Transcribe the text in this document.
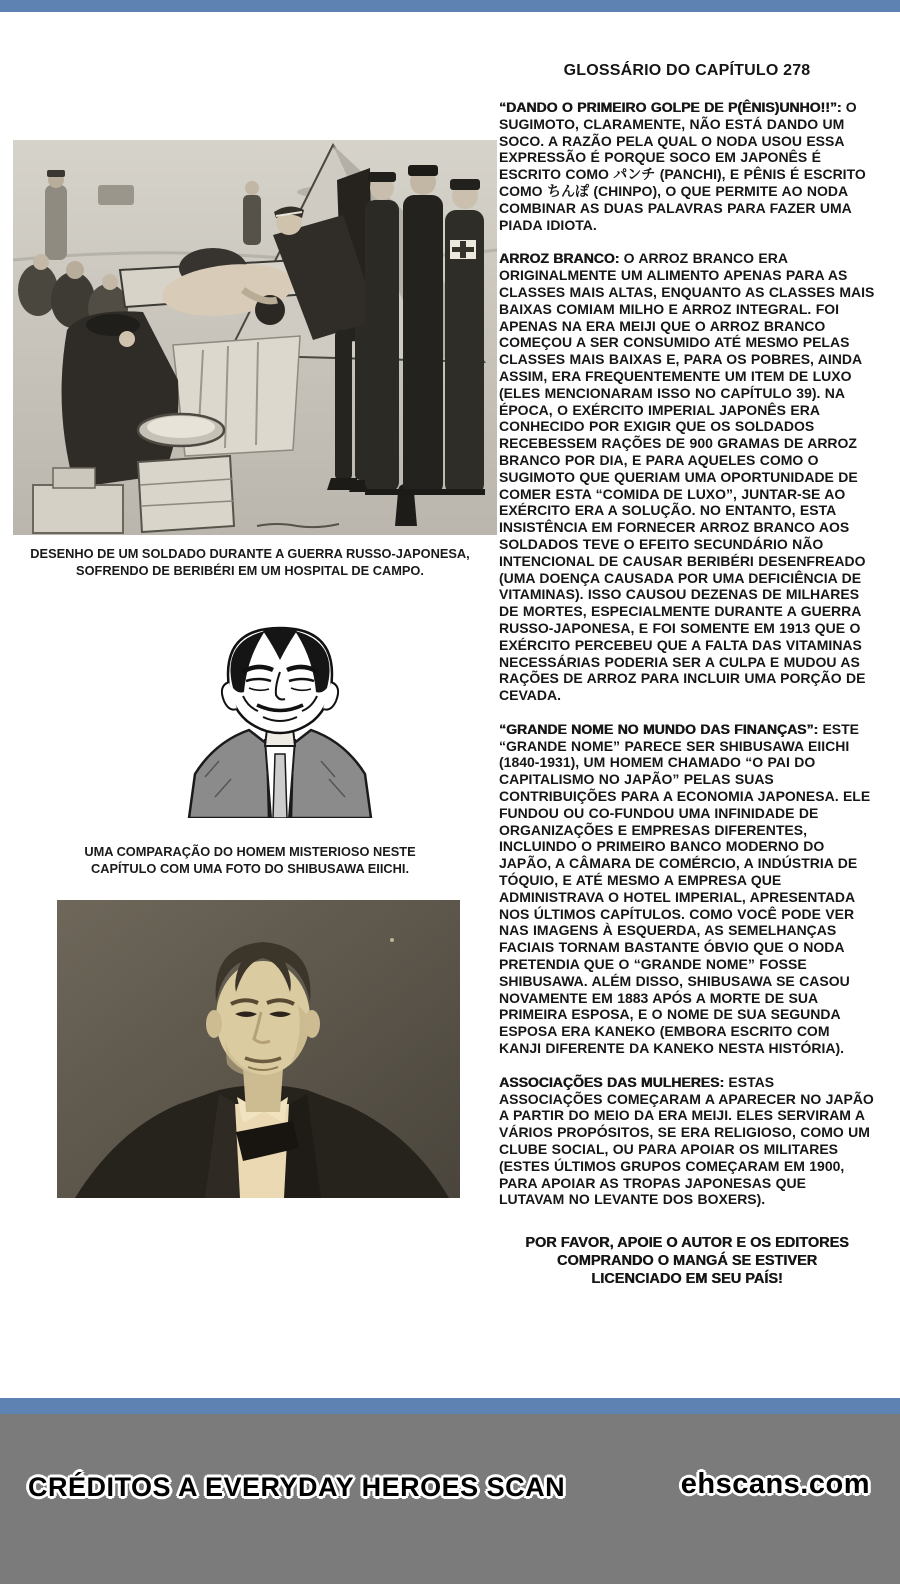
DESENHO DE UM SOLDADO DURANTE A GUERRA RUSSO-JAPONESA, SOFRENDO DE BERIBÉRI EM UM HOSPITAL DE CAMPO.
UMA COMPARAÇÃO DO HOMEM MISTERIOSO NESTE CAPÍTULO COM UMA FOTO DO SHIBUSAWA EIICHI.
GLOSSÁRIO DO CAPÍTULO 278

“DANDO O PRIMEIRO GOLPE DE P(ÊNIS)UNHO!!”: O SUGIMOTO, CLARAMENTE, NÃO ESTÁ DANDO UM SOCO. A RAZÃO PELA QUAL O NODA USOU ESSA EXPRESSÃO É PORQUE SOCO EM JAPONÊS É ESCRITO COMO パンチ (PANCHI), E PÊNIS É ESCRITO COMO ちんぽ (CHINPO), O QUE PERMITE AO NODA COMBINAR AS DUAS PALAVRAS PARA FAZER UMA PIADA IDIOTA.

ARROZ BRANCO: O ARROZ BRANCO ERA ORIGINALMENTE UM ALIMENTO APENAS PARA AS CLASSES MAIS ALTAS, ENQUANTO AS CLASSES MAIS BAIXAS COMIAM MILHO E ARROZ INTEGRAL. FOI APENAS NA ERA MEIJI QUE O ARROZ BRANCO COMEÇOU A SER CONSUMIDO ATÉ MESMO PELAS CLASSES MAIS BAIXAS E, PARA OS POBRES, AINDA ASSIM, ERA FREQUENTEMENTE UM ITEM DE LUXO (ELES MENCIONARAM ISSO NO CAPÍTULO 39). NA ÉPOCA, O EXÉRCITO IMPERIAL JAPONÊS ERA CONHECIDO POR EXIGIR QUE OS SOLDADOS RECEBESSEM RAÇÕES DE 900 GRAMAS DE ARROZ BRANCO POR DIA, E PARA AQUELES COMO O SUGIMOTO QUE QUERIAM UMA OPORTUNIDADE DE COMER ESTA “COMIDA DE LUXO”, JUNTAR-SE AO EXÉRCITO ERA A SOLUÇÃO. NO ENTANTO, ESTA INSISTÊNCIA EM FORNECER ARROZ BRANCO AOS SOLDADOS TEVE O EFEITO SECUNDÁRIO NÃO INTENCIONAL DE CAUSAR BERIBÉRI DESENFREADO (UMA DOENÇA CAUSADA POR UMA DEFICIÊNCIA DE VITAMINAS). ISSO CAUSOU DEZENAS DE MILHARES DE MORTES, ESPECIALMENTE DURANTE A GUERRA RUSSO-JAPONESA, E FOI SOMENTE EM 1913 QUE O EXÉRCITO PERCEBEU QUE A FALTA DAS VITAMINAS NECESSÁRIAS PODERIA SER A CULPA E MUDOU AS RAÇÕES DE ARROZ PARA INCLUIR UMA PORÇÃO DE CEVADA.

“GRANDE NOME NO MUNDO DAS FINANÇAS”: ESTE “GRANDE NOME” PARECE SER SHIBUSAWA EIICHI (1840-1931), UM HOMEM CHAMADO “O PAI DO CAPITALISMO NO JAPÃO” PELAS SUAS CONTRIBUIÇÕES PARA A ECONOMIA JAPONESA. ELE FUNDOU OU CO-FUNDOU UMA INFINIDADE DE ORGANIZAÇÕES E EMPRESAS DIFERENTES, INCLUINDO O PRIMEIRO BANCO MODERNO DO JAPÃO, A CÂMARA DE COMÉRCIO, A INDÚSTRIA DE TÓQUIO, E ATÉ MESMO A EMPRESA QUE ADMINISTRAVA O HOTEL IMPERIAL, APRESENTADA NOS ÚLTIMOS CAPÍTULOS. COMO VOCÊ PODE VER NAS IMAGENS À ESQUERDA, AS SEMELHANÇAS FACIAIS TORNAM BASTANTE ÓBVIO QUE O NODA PRETENDIA QUE O “GRANDE NOME” FOSSE SHIBUSAWA. ALÉM DISSO, SHIBUSAWA SE CASOU NOVAMENTE EM 1883 APÓS A MORTE DE SUA PRIMEIRA ESPOSA, E O NOME DE SUA SEGUNDA ESPOSA ERA KANEKO (EMBORA ESCRITO COM KANJI DIFERENTE DA KANEKO NESTA HISTÓRIA).

ASSOCIAÇÕES DAS MULHERES: ESTAS ASSOCIAÇÕES COMEÇARAM A APARECER NO JAPÃO A PARTIR DO MEIO DA ERA MEIJI. ELES SERVIRAM A VÁRIOS PROPÓSITOS, SE ERA RELIGIOSO, COMO UM CLUBE SOCIAL, OU PARA APOIAR OS MILITARES (ESTES ÚLTIMOS GRUPOS COMEÇARAM EM 1900, PARA APOIAR AS TROPAS JAPONESAS QUE LUTAVAM NO LEVANTE DOS BOXERS).

POR FAVOR, APOIE O AUTOR E OS EDITORES COMPRANDO O MANGÁ SE ESTIVER LICENCIADO EM SEU PAÍS!

CRÉDITOS A EVERYDAY HEROES SCAN	ehscans.com
